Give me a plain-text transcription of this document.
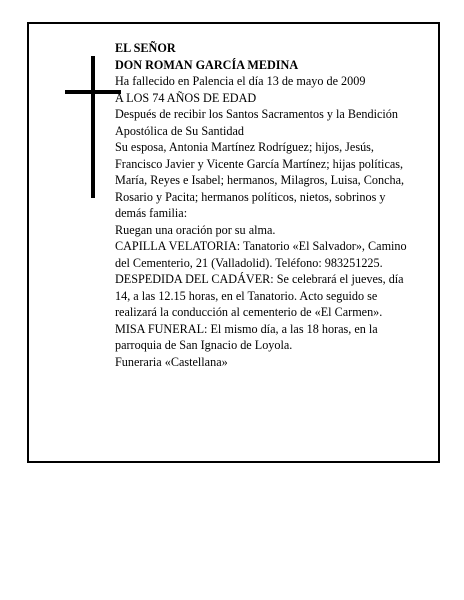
EL SEÑOR

DON ROMAN GARCÍA MEDINA

Ha fallecido en Palencia el día 13 de mayo de 2009

A LOS 74 AÑOS DE EDAD

Después de recibir los Santos Sacramentos y la Bendición Apostólica de Su Santidad

Su esposa, Antonia Martínez Rodríguez; hijos, Jesús, Francisco Javier y Vicente García Martínez; hijas políticas, María, Reyes e Isabel; hermanos, Milagros, Luisa, Concha, Rosario y Pacita; hermanos políticos, nietos, sobrinos y demás familia:

Ruegan una oración por su alma.

CAPILLA VELATORIA: Tanatorio «El Salvador», Camino del Cementerio, 21 (Valladolid). Teléfono: 983251225.

DESPEDIDA DEL CADÁVER: Se celebrará el jueves, día 14, a las 12.15 horas, en el Tanatorio. Acto seguido se realizará la conducción al cementerio de «El Carmen».

MISA FUNERAL: El mismo día, a las 18 horas, en la parroquia de San Ignacio de Loyola.

Funeraria «Castellana»
